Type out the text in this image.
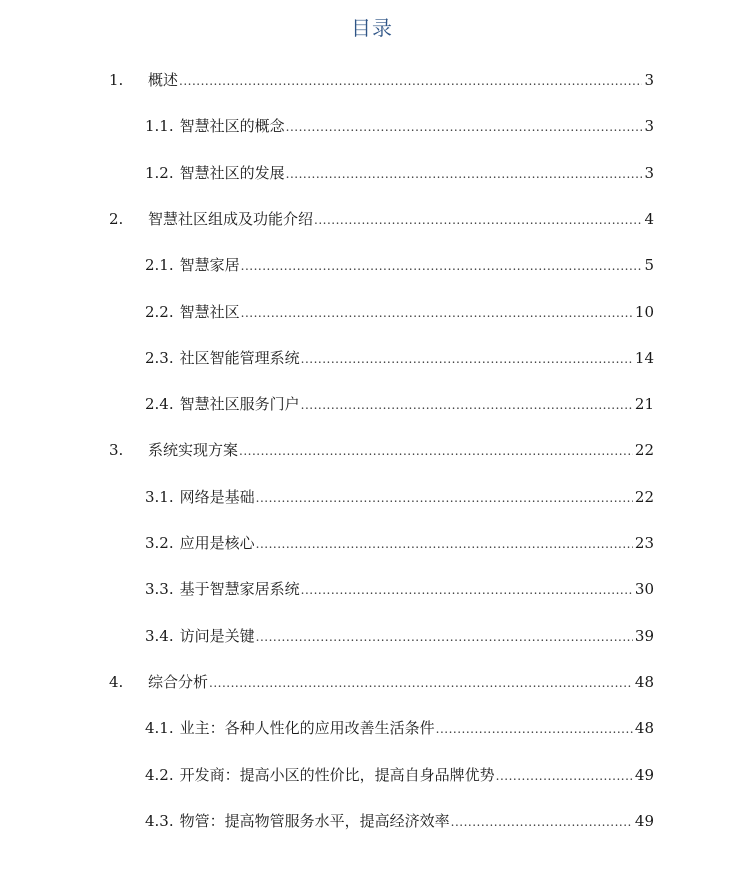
目录
1.	概述 .....	3
1.1. 智慧社区的概念 .....	3
1.2. 智慧社区的发展 .....	3
2.	智慧社区组成及功能介绍 .....	4
2.1. 智慧家居 .....	5
2.2. 智慧社区 .....	10
2.3. 社区智能管理系统 .....	14
2.4. 智慧社区服务门户 .....	21
3.	系统实现方案 .....	22
3.1. 网络是基础 .....	22
3.2. 应用是核心 .....	23
3.3. 基于智慧家居系统 .....	30
3.4. 访问是关键 .....	39
4.	综合分析 .....	48
4.1. 业主：各种人性化的应用改善生活条件 .....	48
4.2. 开发商：提高小区的性价比，提高自身品牌优势 .....	49
4.3. 物管：提高物管服务水平，提高经济效率 .....	49
